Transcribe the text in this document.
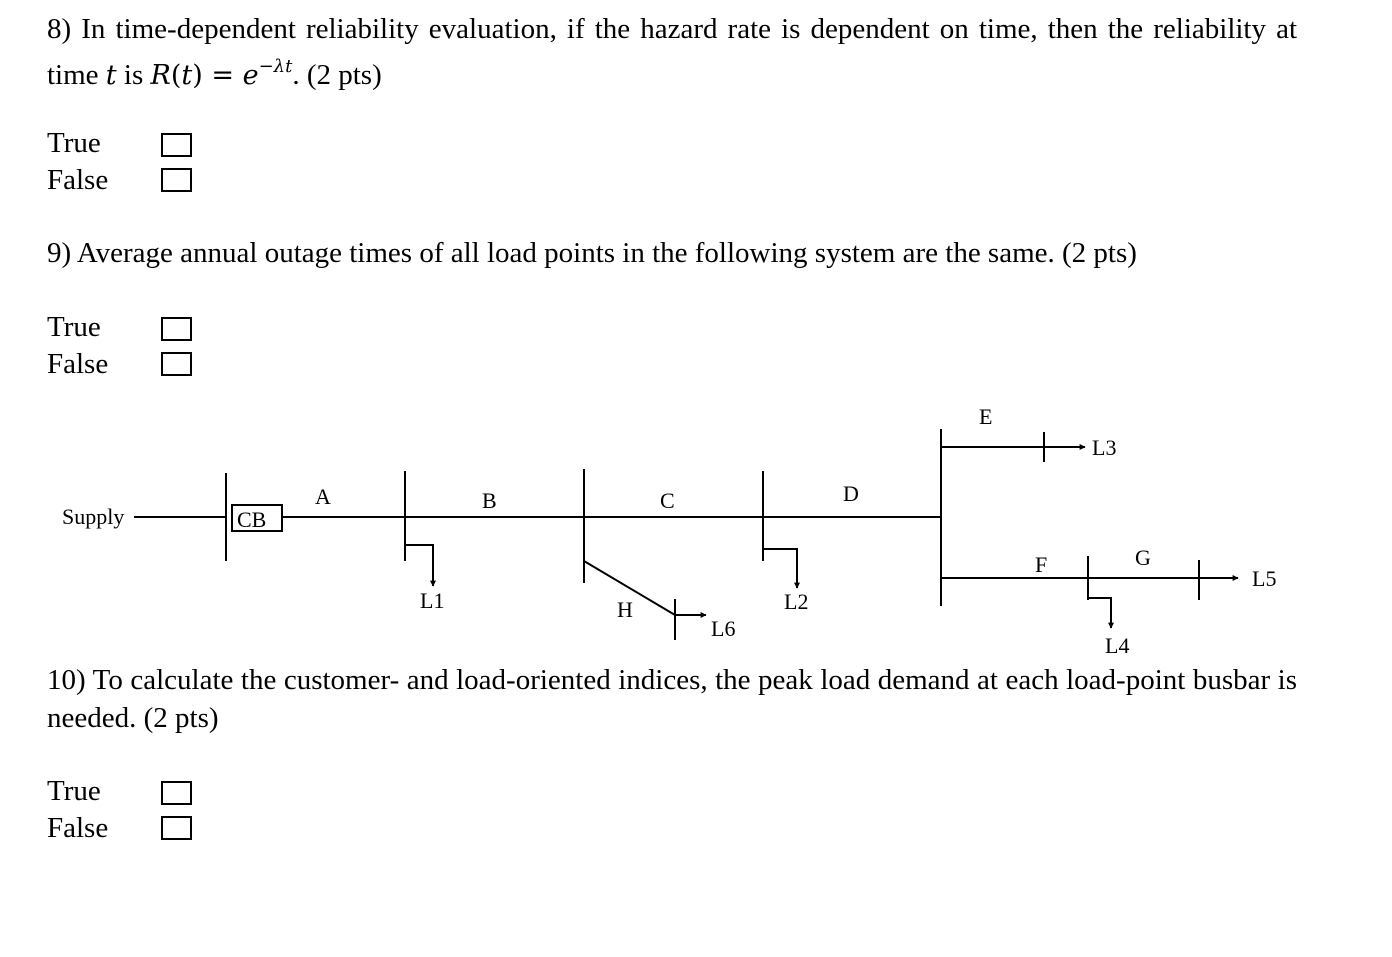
8) In time-dependent reliability evaluation, if the hazard rate is dependent on time, then the reliability at time t is $R(t) = e^{-\lambda t}$. (2 pts)
True
False
9) Average annual outage times of all load points in the following system are the same. (2 pts)
True
False
Supply	CB
A	B	C	D
E
F	G
H
L1	L2
L3
L4
L5
L6
10) To calculate the customer- and load-oriented indices, the peak load demand at each load-point busbar is needed. (2 pts)
True
False
